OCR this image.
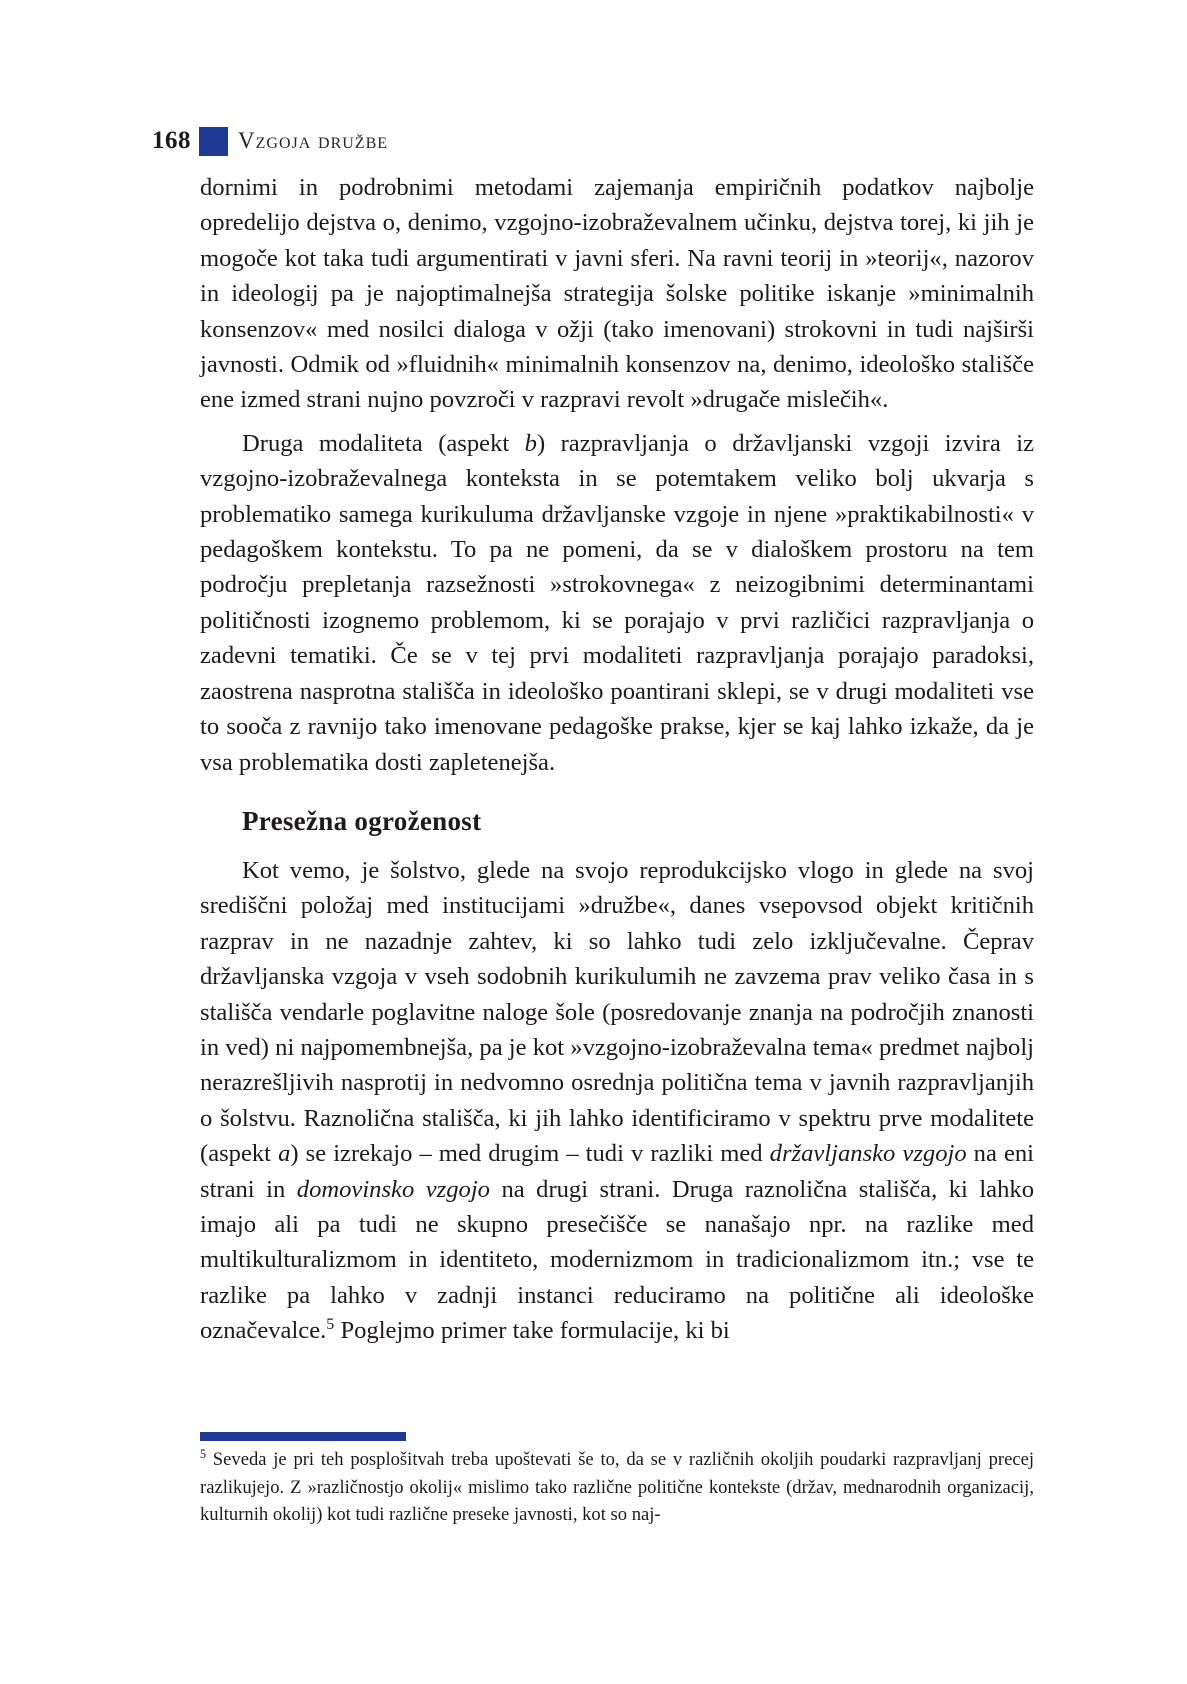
168 Vzgoja družbe

dornimi in podrobnimi metodami zajemanja empiričnih podatkov najbolje opredelijo dejstva o, denimo, vzgojno-izobraževalnem učinku, dejstva torej, ki jih je mogoče kot taka tudi argumentirati v javni sferi. Na ravni teorij in »teorij«, nazorov in ideologij pa je najoptimalnejša strategija šolske politike iskanje »minimalnih konsenzov« med nosilci dialoga v ožji (tako imenovani) strokovni in tudi najširši javnosti. Odmik od »fluidnih« minimalnih konsenzov na, denimo, ideološko stališče ene izmed strani nujno povzroči v razpravi revolt »drugače mislečih«.

Druga modaliteta (aspekt b) razpravljanja o državljanski vzgoji izvira iz vzgojno-izobraževalnega konteksta in se potemtakem veliko bolj ukvarja s problematiko samega kurikuluma državljanske vzgoje in njene »praktikabilnosti« v pedagoškem kontekstu. To pa ne pomeni, da se v dialoškem prostoru na tem področju prepletanja razsežnosti »strokovnega« z neizogibnimi determinantami političnosti izognemo problemom, ki se porajajo v prvi različici razpravljanja o zadevni tematiki. Če se v tej prvi modaliteti razpravljanja porajajo paradoksi, zaostrena nasprotna stališča in ideološko poantirani sklepi, se v drugi modaliteti vse to sooča z ravnijo tako imenovane pedagoške prakse, kjer se kaj lahko izkaže, da je vsa problematika dosti zapletenejša.

Presežna ogroženost

Kot vemo, je šolstvo, glede na svojo reprodukcijsko vlogo in glede na svoj središčni položaj med institucijami »družbe«, danes vsepovsod objekt kritičnih razprav in ne nazadnje zahtev, ki so lahko tudi zelo izključevalne. Čeprav državljanska vzgoja v vseh sodobnih kurikulumih ne zavzema prav veliko časa in s stališča vendarle poglavitne naloge šole (posredovanje znanja na področjih znanosti in ved) ni najpomembnejša, pa je kot »vzgojno-izobraževalna tema« predmet najbolj nerazrešljivih nasprotij in nedvomno osrednja politična tema v javnih razpravljanjih o šolstvu. Raznolična stališča, ki jih lahko identificiramo v spektru prve modalitete (aspekt a) se izrekajo – med drugim – tudi v razliki med državljansko vzgojo na eni strani in domovinsko vzgojo na drugi strani. Druga raznolična stališča, ki lahko imajo ali pa tudi ne skupno presečišče se nanašajo npr. na razlike med multikulturalizmom in identiteto, modernizmom in tradicionalizmom itn.; vse te razlike pa lahko v zadnji instanci reduciramo na politične ali ideološke označevalce.$^5$ Poglejmo primer take formulacije, ki bi

$^5$ Seveda je pri teh posplošitvah treba upoštevati še to, da se v različnih okoljih poudarki razpravljanj precej razlikujejo. Z »različnostjo okolij« mislimo tako različne politične kontekste (držav, mednarodnih organizacij, kulturnih okolij) kot tudi različne preseke javnosti, kot so naj-
